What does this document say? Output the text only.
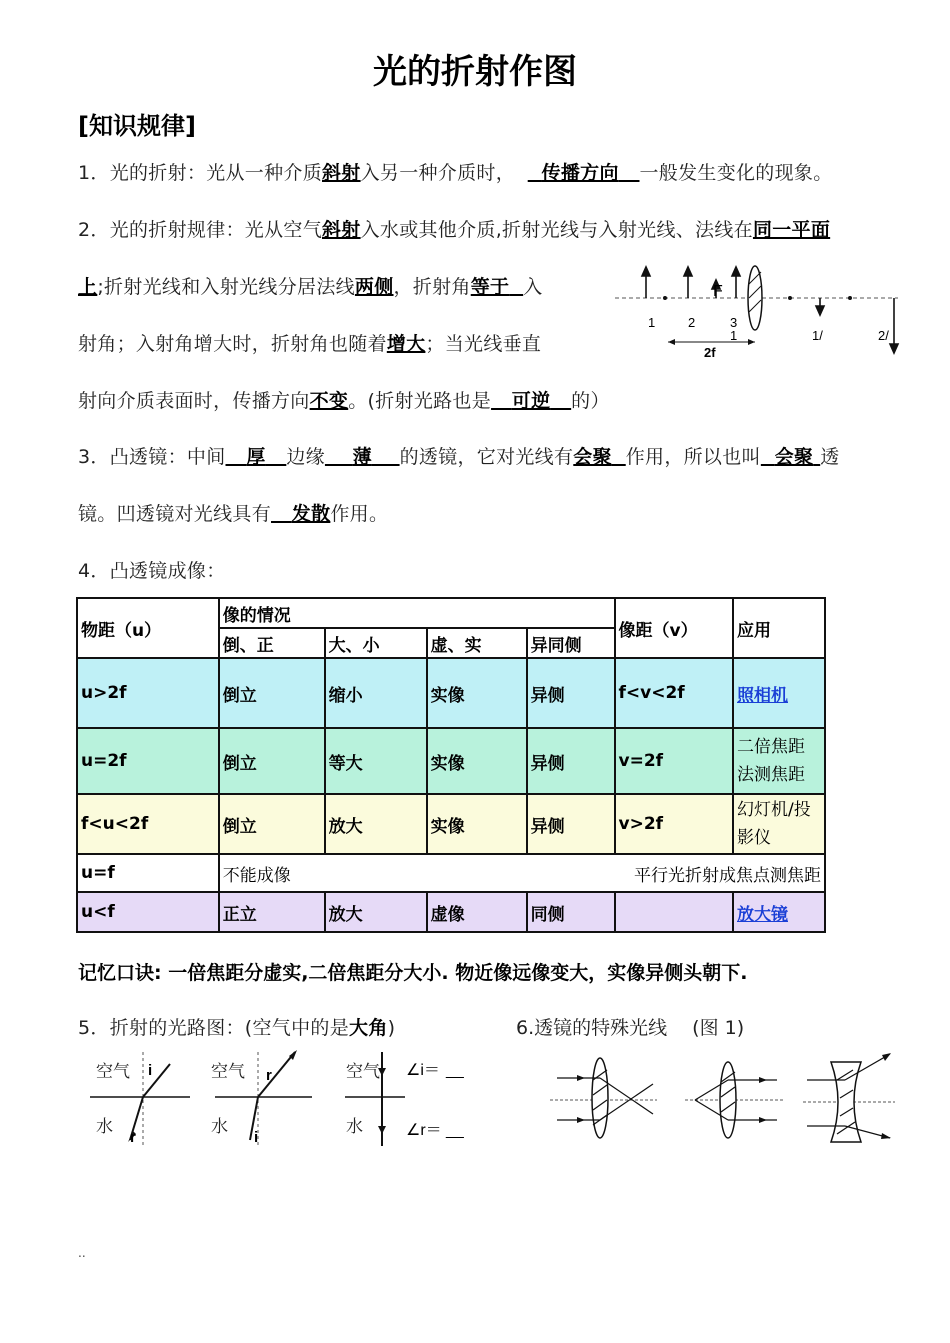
光的折射作图
[知识规律]
1．光的折射：光从一种介质斜射入另一种介质时， 传播方向 一般发生变化的现象。
2．光的折射规律：光从空气斜射入水或其他介质,折射光线与入射光线、法线在同一平面
上;折射光线和入射光线分居法线两侧，折射角等于 入
射角；入射角增大时，折射角也随着增大；当光线垂直
射向介质表面时，传播方向不变。(折射光路也是 可逆 的）
F
1	2	3
1	1/	2/
2f
3．凸透镜：中间 厚 边缘 薄 的透镜，它对光线有会聚 作用，所以也叫 会聚 透
镜。凹透镜对光线具有 发散作用。
4．凸透镜成像：
物距（u）	像的情况				像距（v）	应用
	倒、正	大、小	虚、实	异同侧		
u>2f	倒立	缩小	实像	异侧	f<v<2f	照相机
u=2f	倒立	等大	实像	异侧	v=2f	二倍焦距法测焦距
f<u<2f	倒立	放大	实像	异侧	v>2f	幻灯机/投影仪
u=f	不能成像 平行光折射成焦点测焦距					

u<f	正立	放大	虚像	同侧		放大镜
记忆口诀: 一倍焦距分虚实,二倍焦距分大小. 物近像远像变大，实像异侧头朝下.
5．折射的光路图：(空气中的是大角)	6.透镜的特殊光线　 (图 1)
空气
水
空气
水
空气
水
i
r
r
i
∠i＝ __
∠r＝ __
..
